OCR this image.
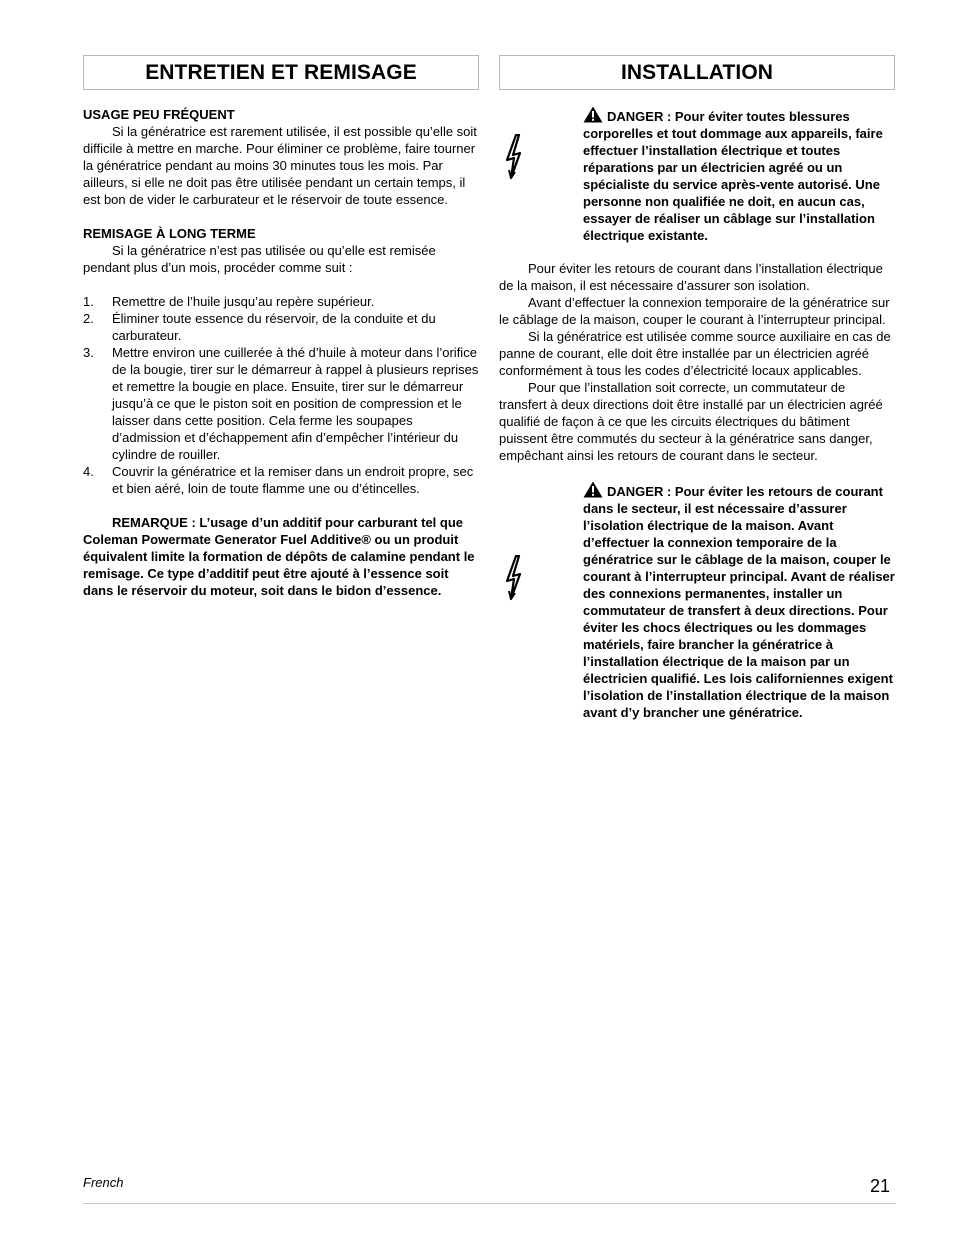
ENTRETIEN ET REMISAGE
USAGE PEU FRÉQUENT

Si la génératrice est rarement utilisée, il est possible qu’elle soit difficile à mettre en marche. Pour éliminer ce problème, faire tourner la génératrice pendant au moins 30 minutes tous les mois. Par ailleurs, si elle ne doit pas être utilisée pendant un certain temps, il est bon de vider le carburateur et le réservoir de toute essence.

REMISAGE À LONG TERME

Si la génératrice n’est pas utilisée ou qu’elle est remisée pendant plus d’un mois, procéder comme suit :

1. Remettre de l’huile jusqu’au repère supérieur.
2. Éliminer toute essence du réservoir, de la conduite et du carburateur.
3. Mettre environ une cuillerée à thé d’huile à moteur dans l’orifice de la bougie, tirer sur le démarreur à rappel à plusieurs reprises et remettre la bougie en place. Ensuite, tirer sur le démarreur jusqu’à ce que le piston soit en position de compression et le laisser dans cette position. Cela ferme les soupapes d’admission et d’échappement afin d’empêcher l’intérieur du cylindre de rouiller.
4. Couvrir la génératrice et la remiser dans un endroit propre, sec et bien aéré, loin de toute flamme une ou d’étincelles.

REMARQUE : L’usage d’un additif pour carburant tel que Coleman Powermate Generator Fuel Additive® ou un produit équivalent limite la formation de dépôts de calamine pendant le remisage. Ce type d’additif peut être ajouté à l’essence soit dans le réservoir du moteur, soit dans le bidon d’essence.

INSTALLATION
DANGER : Pour éviter toutes blessures corporelles et tout dommage aux appareils, faire effectuer l’installation électrique et toutes réparations par un électricien agréé ou un spécialiste du service après-vente autorisé. Une personne non qualifiée ne doit, en aucun cas, essayer de réaliser un câblage sur l’installation électrique existante.

Pour éviter les retours de courant dans l’installation électrique de la maison, il est nécessaire d’assurer son isolation.

Avant d’effectuer la connexion temporaire de la génératrice sur le câblage de la maison, couper le courant à l’interrupteur principal.

Si la génératrice est utilisée comme source auxiliaire en cas de panne de courant, elle doit être installée par un électricien agréé conformément à tous les codes d’électricité locaux applicables.

Pour que l’installation soit correcte, un commutateur de transfert à deux directions doit être installé par un électricien agréé qualifié de façon à ce que les circuits électriques du bâtiment puissent être commutés du secteur à la génératrice sans danger, empêchant ainsi les retours de courant dans le secteur.

DANGER : Pour éviter les retours de courant dans le secteur, il est nécessaire d’assurer l’isolation électrique de la maison. Avant d’effectuer la connexion temporaire de la génératrice sur le câblage de la maison, couper le courant à l’interrupteur principal. Avant de réaliser des connexions permanentes, installer un commutateur de transfert à deux directions. Pour éviter les chocs électriques ou les dommages matériels, faire brancher la génératrice à l’installation électrique de la maison par un électricien qualifié. Les lois californiennes exigent l’isolation de l’installation électrique de la maison avant d’y brancher une génératrice.
French	21
